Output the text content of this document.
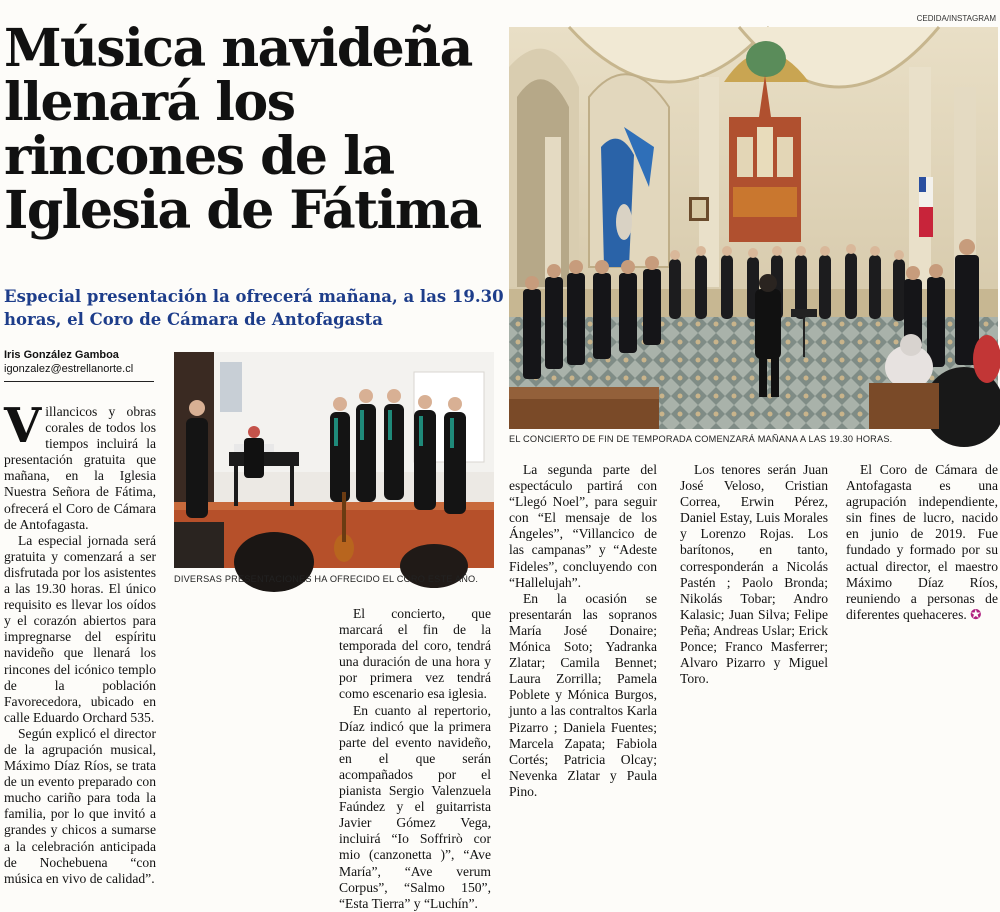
Música navideña llenará los rincones de la Iglesia de Fátima
Especial presentación la ofrecerá mañana, a las 19.30 horas, el Coro de Cámara de Antofagasta
Iris González Gamboa
igonzalez@estrellanorte.cl

Villancicos y obras corales de todos los tiempos incluirá la presentación gratuita que mañana, en la Iglesia Nuestra Señora de Fátima, ofrecerá el Coro de Cámara de Antofagasta.

La especial jornada será gratuita y comenzará a ser disfrutada por los asistentes a las 19.30 horas. El único requisito es llevar los oídos y el corazón abiertos para impregnarse del espíritu navideño que llenará los rincones del icónico templo de la población Favorecedora, ubicado en calle Eduardo Orchard 535.

Según explicó el director de la agrupación musical, Máximo Díaz Ríos, se trata de un evento preparado con mucho cariño para toda la familia, por lo que invitó a grandes y chicos a sumarse a la celebración anticipada de Nochebuena “con música en vivo de calidad”.

El concierto, que marcará el fin de la temporada del coro, tendrá una duración de una hora y por primera vez tendrá como escenario esa iglesia.

En cuanto al repertorio, Díaz indicó que la primera parte del evento navideño, en el que serán acompañados por el pianista Sergio Valenzuela Faúndez y el guitarrista Javier Gómez Vega, incluirá “Io Soffrirò cor mio (canzonetta )”, “Ave María”, “Ave verum Corpus”, “Salmo 150”, “Esta Tierra” y “Luchín”.

La segunda parte del espectáculo partirá con “Llegó Noel”, para seguir con “El mensaje de los Ángeles”, “Villancico de las campanas” y “Adeste Fideles”, concluyendo con “Hallelujah”.

En la ocasión se presentarán las sopranos María José Donaire; Mónica Soto; Yadranka Zlatar; Camila Bennet; Laura Zorrilla; Pamela Poblete y Mónica Burgos, junto a las contraltos Karla Pizarro ; Daniela Fuentes; Marcela Zapata; Fabiola Cortés; Patricia Olcay; Nevenka Zlatar y Paula Pino.

Los tenores serán Juan José Veloso, Cristian Correa, Erwin Pérez, Daniel Estay, Luis Morales y Lorenzo Rojas. Los barítonos, en tanto, corresponderán a Nicolás Pastén ; Paolo Bronda; Nikolás Tobar; Andro Kalasic; Juan Silva; Felipe Peña; Andreas Uslar; Erick Ponce; Franco Masferrer; Alvaro Pizarro y Miguel Toro.

El Coro de Cámara de Antofagasta es una agrupación independiente, sin fines de lucro, nacido en junio de 2019. Fue fundado y formado por su actual director, el maestro Máximo Díaz Ríos, reuniendo a personas de diferentes quehaceres. ✪

CEDIDA/INSTAGRAM
EL CONCIERTO DE FIN DE TEMPORADA COMENZARÁ MAÑANA A LAS 19.30 HORAS.
DIVERSAS PRESENTACIONES HA OFRECIDO EL CORO ESTE AÑO.
